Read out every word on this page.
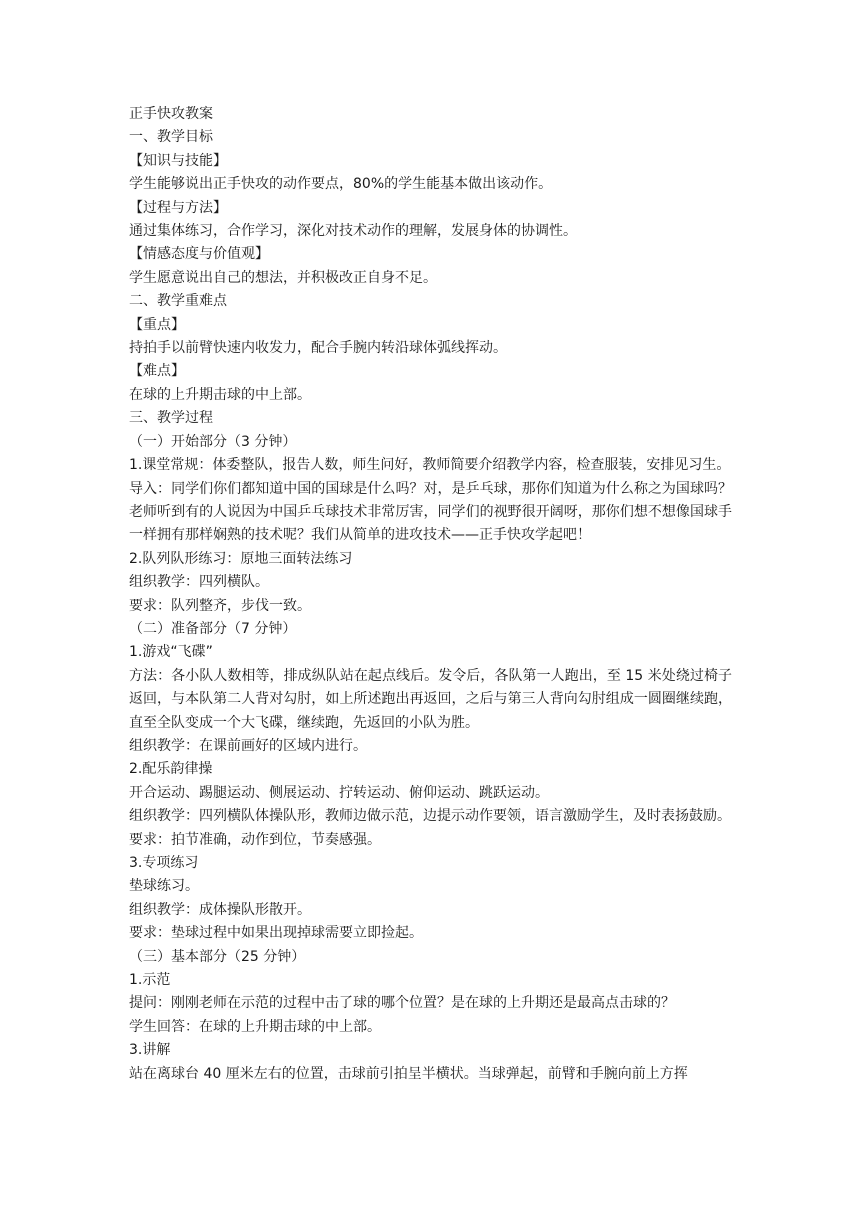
正手快攻教案

一、教学目标

【知识与技能】

学生能够说出正手快攻的动作要点，80%的学生能基本做出该动作。

【过程与方法】

通过集体练习，合作学习，深化对技术动作的理解，发展身体的协调性。

【情感态度与价值观】

学生愿意说出自己的想法，并积极改正自身不足。

二、教学重难点

【重点】

持拍手以前臂快速内收发力，配合手腕内转沿球体弧线挥动。

【难点】

在球的上升期击球的中上部。

三、教学过程

（一）开始部分（3 分钟）

1.课堂常规：体委整队，报告人数，师生问好，教师简要介绍教学内容，检查服装，安排见习生。

导入：同学们你们都知道中国的国球是什么吗？对，是乒乓球，那你们知道为什么称之为国球吗？老师听到有的人说因为中国乒乓球技术非常厉害，同学们的视野很开阔呀，那你们想不想像国球手一样拥有那样娴熟的技术呢？我们从简单的进攻技术——正手快攻学起吧！

2.队列队形练习：原地三面转法练习

组织教学：四列横队。

要求：队列整齐，步伐一致。

（二）准备部分（7 分钟）

1.游戏“飞碟”

方法：各小队人数相等，排成纵队站在起点线后。发令后，各队第一人跑出，至 15 米处绕过椅子返回，与本队第二人背对勾肘，如上所述跑出再返回，之后与第三人背向勾肘组成一圆圈继续跑，直至全队变成一个大飞碟，继续跑，先返回的小队为胜。

组织教学：在课前画好的区域内进行。

2.配乐韵律操

开合运动、踢腿运动、侧展运动、拧转运动、俯仰运动、跳跃运动。

组织教学：四列横队体操队形，教师边做示范，边提示动作要领，语言激励学生，及时表扬鼓励。

要求：拍节准确，动作到位，节奏感强。

3.专项练习

垫球练习。

组织教学：成体操队形散开。

要求：垫球过程中如果出现掉球需要立即捡起。

（三）基本部分（25 分钟）

1.示范

提问：刚刚老师在示范的过程中击了球的哪个位置？是在球的上升期还是最高点击球的？

学生回答：在球的上升期击球的中上部。

3.讲解

站在离球台 40 厘米左右的位置，击球前引拍呈半横状。当球弹起，前臂和手腕向前上方挥
